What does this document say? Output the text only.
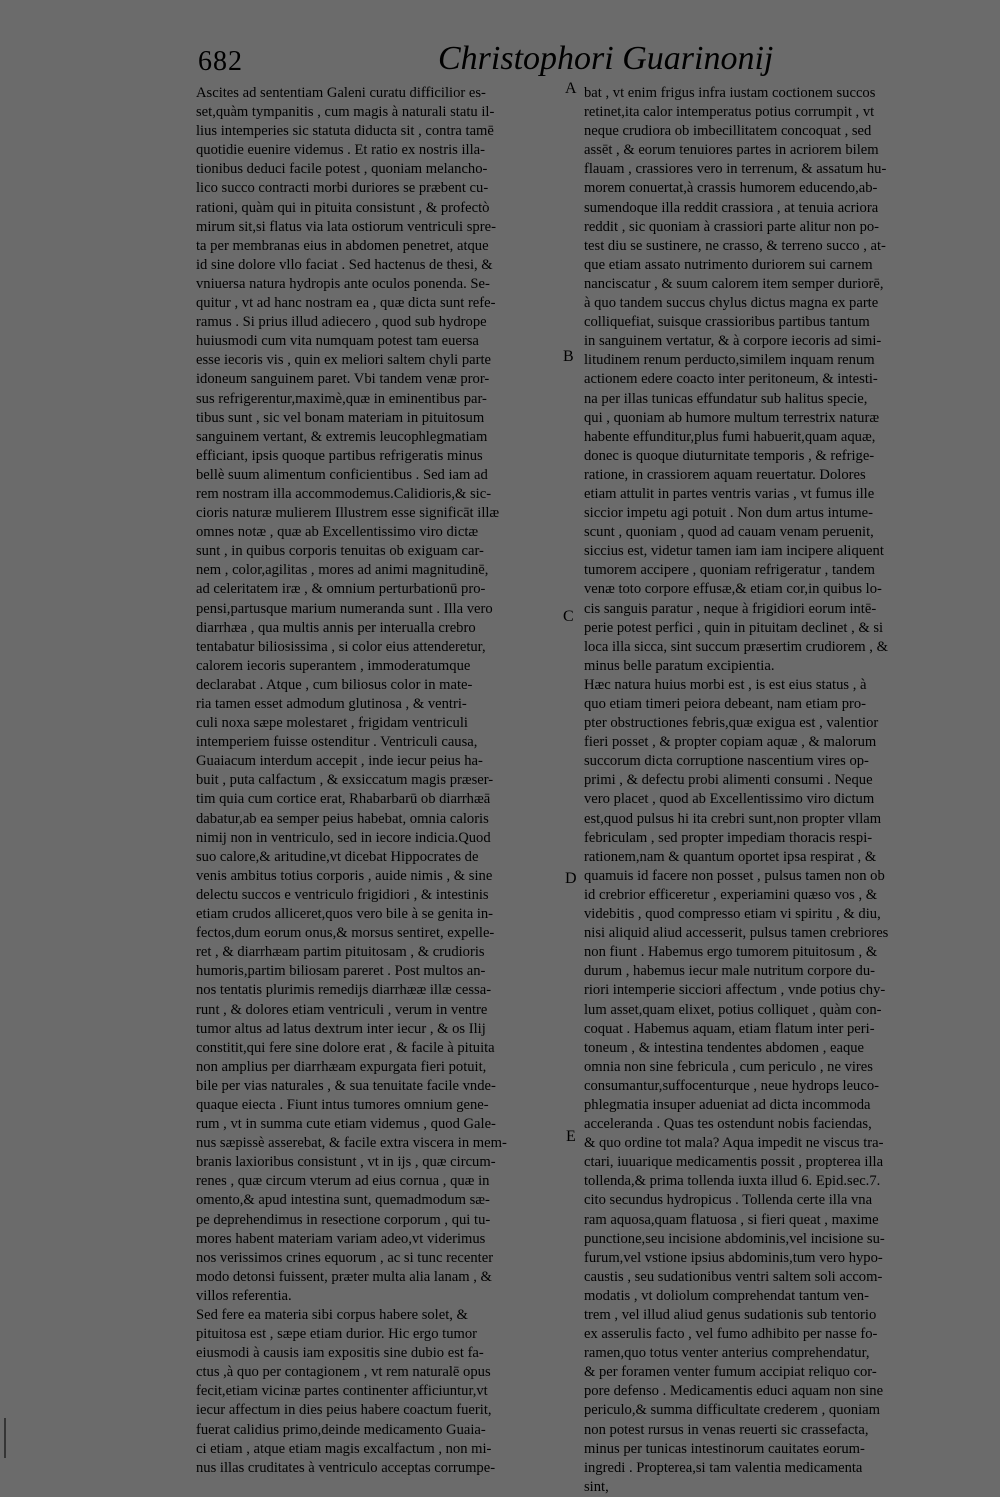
682	Christophori Guarinonij
Ascites ad sententiam Galeni curatu difficilior es-
set,quàm tympanitis , cum magis à naturali statu il-
lius intemperies sic statuta diducta sit , contra tamē
quotidie euenire videmus . Et ratio ex nostris illa-
tionibus deduci facile potest , quoniam melancho-
lico succo contracti morbi duriores se præbent cu-
rationi, quàm qui in pituita consistunt , & profectò
mirum sit,si flatus via lata ostiorum ventriculi spre-
ta per membranas eius in abdomen penetret, atque
id sine dolore vllo faciat . Sed hactenus de thesi, &
vniuersa natura hydropis ante oculos ponenda. Se-
quitur , vt ad hanc nostram ea , quæ dicta sunt refe-
ramus . Si prius illud adiecero , quod sub hydrope
huiusmodi cum vita numquam potest tam euersa
esse iecoris vis , quin ex meliori saltem chyli parte
idoneum sanguinem paret. Vbi tandem venæ pror-
sus refrigerentur,maximè,quæ in eminentibus par-
tibus sunt , sic vel bonam materiam in pituitosum
sanguinem vertant, & extremis leucophlegmatiam
efficiant, ipsis quoque partibus refrigeratis minus
bellè suum alimentum conficientibus . Sed iam ad
rem nostram illa accommodemus.Calidioris,& sic-
cioris naturæ mulierem Illustrem esse significāt illæ
omnes notæ , quæ ab Excellentissimo viro dictæ
sunt , in quibus corporis tenuitas ob exiguam car-
nem , color,agilitas , mores ad animi magnitudinē,
ad celeritatem iræ , & omnium perturbationū pro-
pensi,partusque marium numeranda sunt . Illa vero
diarrhæa , qua multis annis per interualla crebro
tentabatur biliosissima , si color eius attenderetur,
calorem iecoris superantem , immoderatumque
declarabat . Atque , cum biliosus color in mate-
ria tamen esset admodum glutinosa , & ventri-
culi noxa sæpe molestaret , frigidam ventriculi
intemperiem fuisse ostenditur . Ventriculi causa,
Guaiacum interdum accepit , inde iecur peius ha-
buit , puta calfactum , & exsiccatum magis præser-
tim quia cum cortice erat, Rhabarbarū ob diarrhæā
dabatur,ab ea semper peius habebat, omnia caloris
nimij non in ventriculo, sed in iecore indicia.Quod
suo calore,& aritudine,vt dicebat Hippocrates de
venis ambitus totius corporis , auide nimis , & sine
delectu succos e ventriculo frigidiori , & intestinis
etiam crudos alliceret,quos vero bile à se genita in-
fectos,dum eorum onus,& morsus sentiret, expelle-
ret , & diarrhæam partim pituitosam , & crudioris
humoris,partim biliosam pareret . Post multos an-
nos tentatis plurimis remedijs diarrhææ illæ cessa-
runt , & dolores etiam ventriculi , verum in ventre
tumor altus ad latus dextrum inter iecur , & os Ilij
constitit,qui fere sine dolore erat , & facile à pituita
non amplius per diarrhæam expurgata fieri potuit,
bile per vias naturales , & sua tenuitate facile vnde-
quaque eiecta . Fiunt intus tumores omnium gene-
rum , vt in summa cute etiam videmus , quod Gale-
nus sæpissè asserebat, & facile extra viscera in mem-
branis laxioribus consistunt , vt in ijs , quæ circum-
renes , quæ circum vterum ad eius cornua , quæ in
omento,& apud intestina sunt, quemadmodum sæ-
pe deprehendimus in resectione corporum , qui tu-
mores habent materiam variam adeo,vt viderimus
nos verissimos crines equorum , ac si tunc recenter
modo detonsi fuissent, præter multa alia lanam , &
villos referentia.
Sed fere ea materia sibi corpus habere solet, &
pituitosa est , sæpe etiam durior. Hic ergo tumor
eiusmodi à causis iam expositis sine dubio est fa-
ctus ,à quo per contagionem , vt rem naturalē opus
fecit,etiam vicinæ partes continenter afficiuntur,vt
iecur affectum in dies peius habere coactum fuerit,
fuerat calidius primo,deinde medicamento Guaia-
ci etiam , atque etiam magis excalfactum , non mi-
nus illas cruditates à ventriculo acceptas corrumpe-
bat , vt enim frigus infra iustam coctionem succos
retinet,ita calor intemperatus potius corrumpit , vt
neque crudiora ob imbecillitatem concoquat , sed
assēt , & eorum tenuiores partes in acriorem bilem
flauam , crassiores vero in terrenum, & assatum hu-
morem conuertat,à crassis humorem educendo,ab-
sumendoque illa reddit crassiora , at tenuia acriora
reddit , sic quoniam à crassiori parte alitur non po-
test diu se sustinere, ne crasso, & terreno succo , at-
que etiam assato nutrimento duriorem sui carnem
nanciscatur , & suum calorem item semper duriorē,
à quo tandem succus chylus dictus magna ex parte
colliquefiat, suisque crassioribus partibus tantum
in sanguinem vertatur, & à corpore iecoris ad simi-
litudinem renum perducto,similem inquam renum
actionem edere coacto inter peritoneum, & intesti-
na per illas tunicas effundatur sub halitus specie,
qui , quoniam ab humore multum terrestrix naturæ
habente effunditur,plus fumi habuerit,quam aquæ,
donec is quoque diuturnitate temporis , & refrige-
ratione, in crassiorem aquam reuertatur. Dolores
etiam attulit in partes ventris varias , vt fumus ille
siccior impetu agi potuit . Non dum artus intume-
scunt , quoniam , quod ad cauam venam peruenit,
siccius est, videtur tamen iam iam incipere aliquent
tumorem accipere , quoniam refrigeratur , tandem
venæ toto corpore effusæ,& etiam cor,in quibus lo-
cis sanguis paratur , neque à frigidiori eorum intē-
perie potest perfici , quin in pituitam declinet , & si
loca illa sicca, sint succum præsertim crudiorem , &
minus belle paratum excipientia.
Hæc natura huius morbi est , is est eius status , à
quo etiam timeri peiora debeant, nam etiam pro-
pter obstructiones febris,quæ exigua est , valentior
fieri posset , & propter copiam aquæ , & malorum
succorum dicta corruptione nascentium vires op-
primi , & defectu probi alimenti consumi . Neque
vero placet , quod ab Excellentissimo viro dictum
est,quod pulsus hi ita crebri sunt,non propter vllam
febriculam , sed propter impediam thoracis respi-
rationem,nam & quantum oportet ipsa respirat , &
quamuis id facere non posset , pulsus tamen non ob
id crebrior efficeretur , experiamini quæso vos , &
videbitis , quod compresso etiam vi spiritu , & diu,
nisi aliquid aliud accesserit, pulsus tamen crebriores
non fiunt . Habemus ergo tumorem pituitosum , &
durum , habemus iecur male nutritum corpore du-
riori intemperie sicciori affectum , vnde potius chy-
lum asset,quam elixet, potius colliquet , quàm con-
coquat . Habemus aquam, etiam flatum inter peri-
toneum , & intestina tendentes abdomen , eaque
omnia non sine febricula , cum periculo , ne vires
consumantur,suffocenturque , neue hydrops leuco-
phlegmatia insuper adueniat ad dicta incommoda
acceleranda . Quas tes ostendunt nobis faciendas,
& quo ordine tot mala? Aqua impedit ne viscus tra-
ctari, iuuarique medicamentis possit , propterea illa
tollenda,& prima tollenda iuxta illud 6. Epid.sec.7.
cito secundus hydropicus . Tollenda certe illa vna
ram aquosa,quam flatuosa , si fieri queat , maxime
punctione,seu incisione abdominis,vel incisione su-
furum,vel vstione ipsius abdominis,tum vero hypo-
caustis , seu sudationibus ventri saltem soli accom-
modatis , vt doliolum comprehendat tantum ven-
trem , vel illud aliud genus sudationis sub tentorio
ex asserulis facto , vel fumo adhibito per nasse fo-
ramen,quo totus venter anterius comprehendatur,
& per foramen venter fumum accipiat reliquo cor-
pore defenso . Medicamentis educi aquam non sine
periculo,& summa difficultate crederem , quoniam
non potest rursus in venas reuerti sic crassefacta,
minus per tunicas intestinorum cauitates eorum-
ingredi . Propterea,si tam valentia medicamenta
sint,
A
B
C
D
E
